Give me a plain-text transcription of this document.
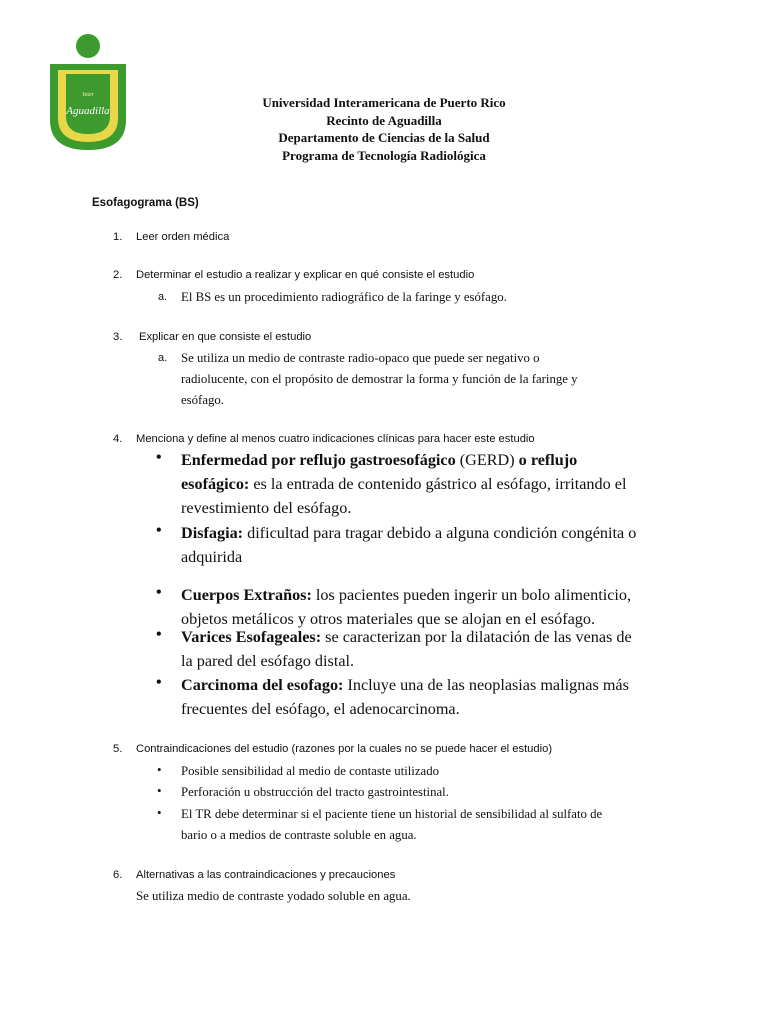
Inter
Aguadilla
Universidad Interamericana de Puerto Rico
Recinto de Aguadilla
Departamento de Ciencias de la Salud
Programa de Tecnología Radiológica
Esofagograma (BS)
1. Leer orden médica
2. Determinar el estudio a realizar y explicar en qué consiste el estudio
a. El BS es un procedimiento radiográfico de la faringe y esófago.
3. Explicar en que consiste el estudio
a. Se utiliza un medio de contraste radio-opaco que puede ser negativo o
radiolucente, con el propósito de demostrar la forma y función de la faringe y
esófago.
4. Menciona y define al menos cuatro indicaciones clínicas para hacer este estudio
• Enfermedad por reflujo gastroesofágico (GERD) o reflujo
esofágico: es la entrada de contenido gástrico al esófago, irritando el
revestimiento del esófago.
• Disfagia: dificultad para tragar debido a alguna condición congénita o
adquirida
• Cuerpos Extraños: los pacientes pueden ingerir un bolo alimenticio,
objetos metálicos y otros materiales que se alojan en el esófago.
• Varices Esofageales: se caracterizan por la dilatación de las venas de
la pared del esófago distal.
• Carcinoma del esofago: Incluye una de las neoplasias malignas más
frecuentes del esófago, el adenocarcinoma.
5. Contraindicaciones del estudio (razones por la cuales no se puede hacer el estudio)
• Posible sensibilidad al medio de contaste utilizado
• Perforación u obstrucción del tracto gastrointestinal.
• El TR debe determinar si el paciente tiene un historial de sensibilidad al sulfato de
bario o a medios de contraste soluble en agua.
6. Alternativas a las contraindicaciones y precauciones
Se utiliza medio de contraste yodado soluble en agua.
